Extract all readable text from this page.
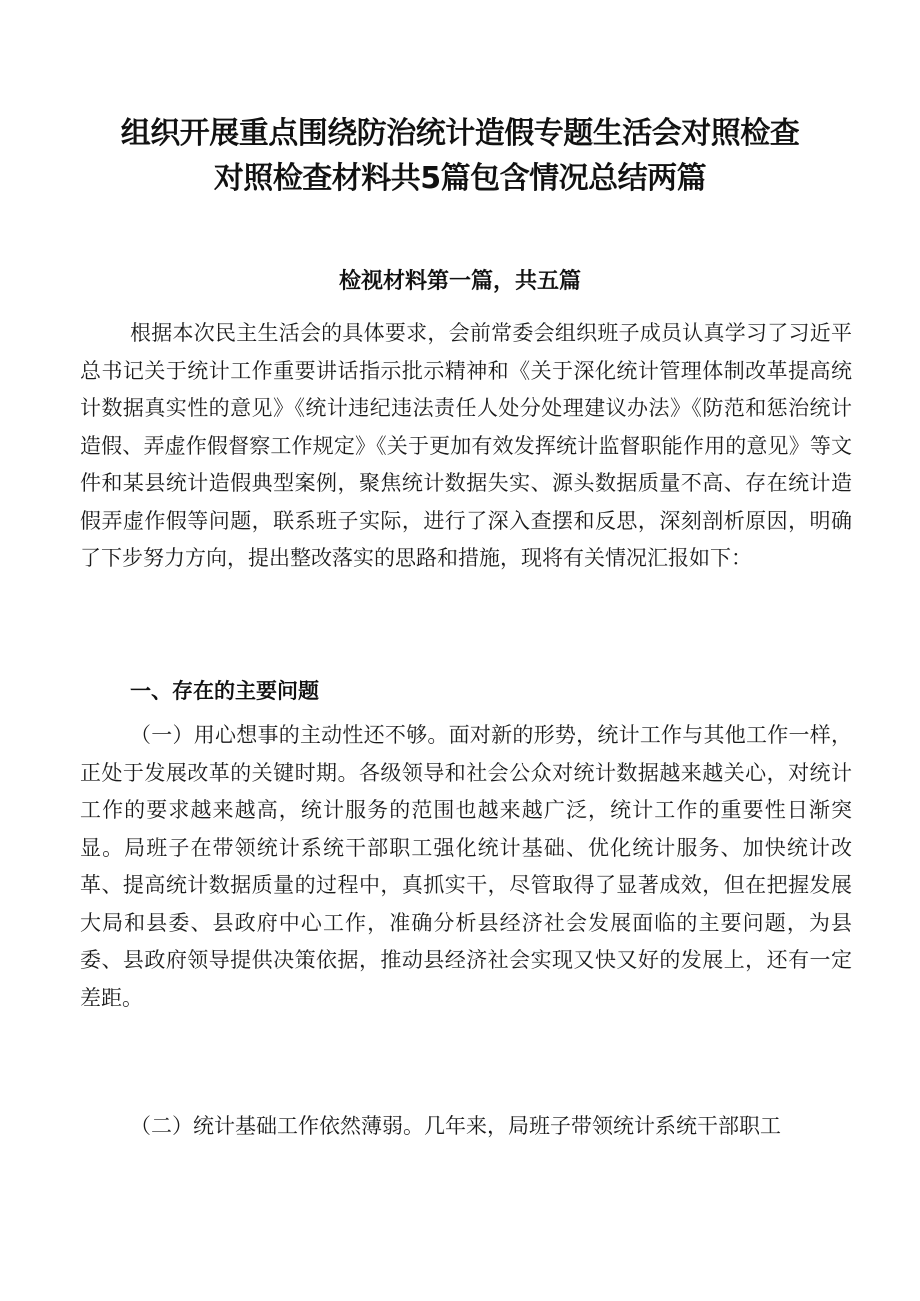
组织开展重点围绕防治统计造假专题生活会对照检查
对照检查材料共5篇包含情况总结两篇
检视材料第一篇，共五篇

根据本次民主生活会的具体要求，会前常委会组织班子成员认真学习了习近平总书记关于统计工作重要讲话指示批示精神和《关于深化统计管理体制改革提高统计数据真实性的意见》《统计违纪违法责任人处分处理建议办法》《防范和惩治统计造假、弄虚作假督察工作规定》《关于更加有效发挥统计监督职能作用的意见》等文件和某县统计造假典型案例，聚焦统计数据失实、源头数据质量不高、存在统计造假弄虚作假等问题，联系班子实际，进行了深入查摆和反思，深刻剖析原因，明确了下步努力方向，提出整改落实的思路和措施，现将有关情况汇报如下：

一、存在的主要问题

（一）用心想事的主动性还不够。面对新的形势，统计工作与其他工作一样，正处于发展改革的关键时期。各级领导和社会公众对统计数据越来越关心，对统计工作的要求越来越高，统计服务的范围也越来越广泛，统计工作的重要性日渐突显。局班子在带领统计系统干部职工强化统计基础、优化统计服务、加快统计改革、提高统计数据质量的过程中，真抓实干，尽管取得了显著成效，但在把握发展大局和县委、县政府中心工作，准确分析县经济社会发展面临的主要问题，为县委、县政府领导提供决策依据，推动县经济社会实现又快又好的发展上，还有一定差距。

（二）统计基础工作依然薄弱。几年来，局班子带领统计系统干部职工
